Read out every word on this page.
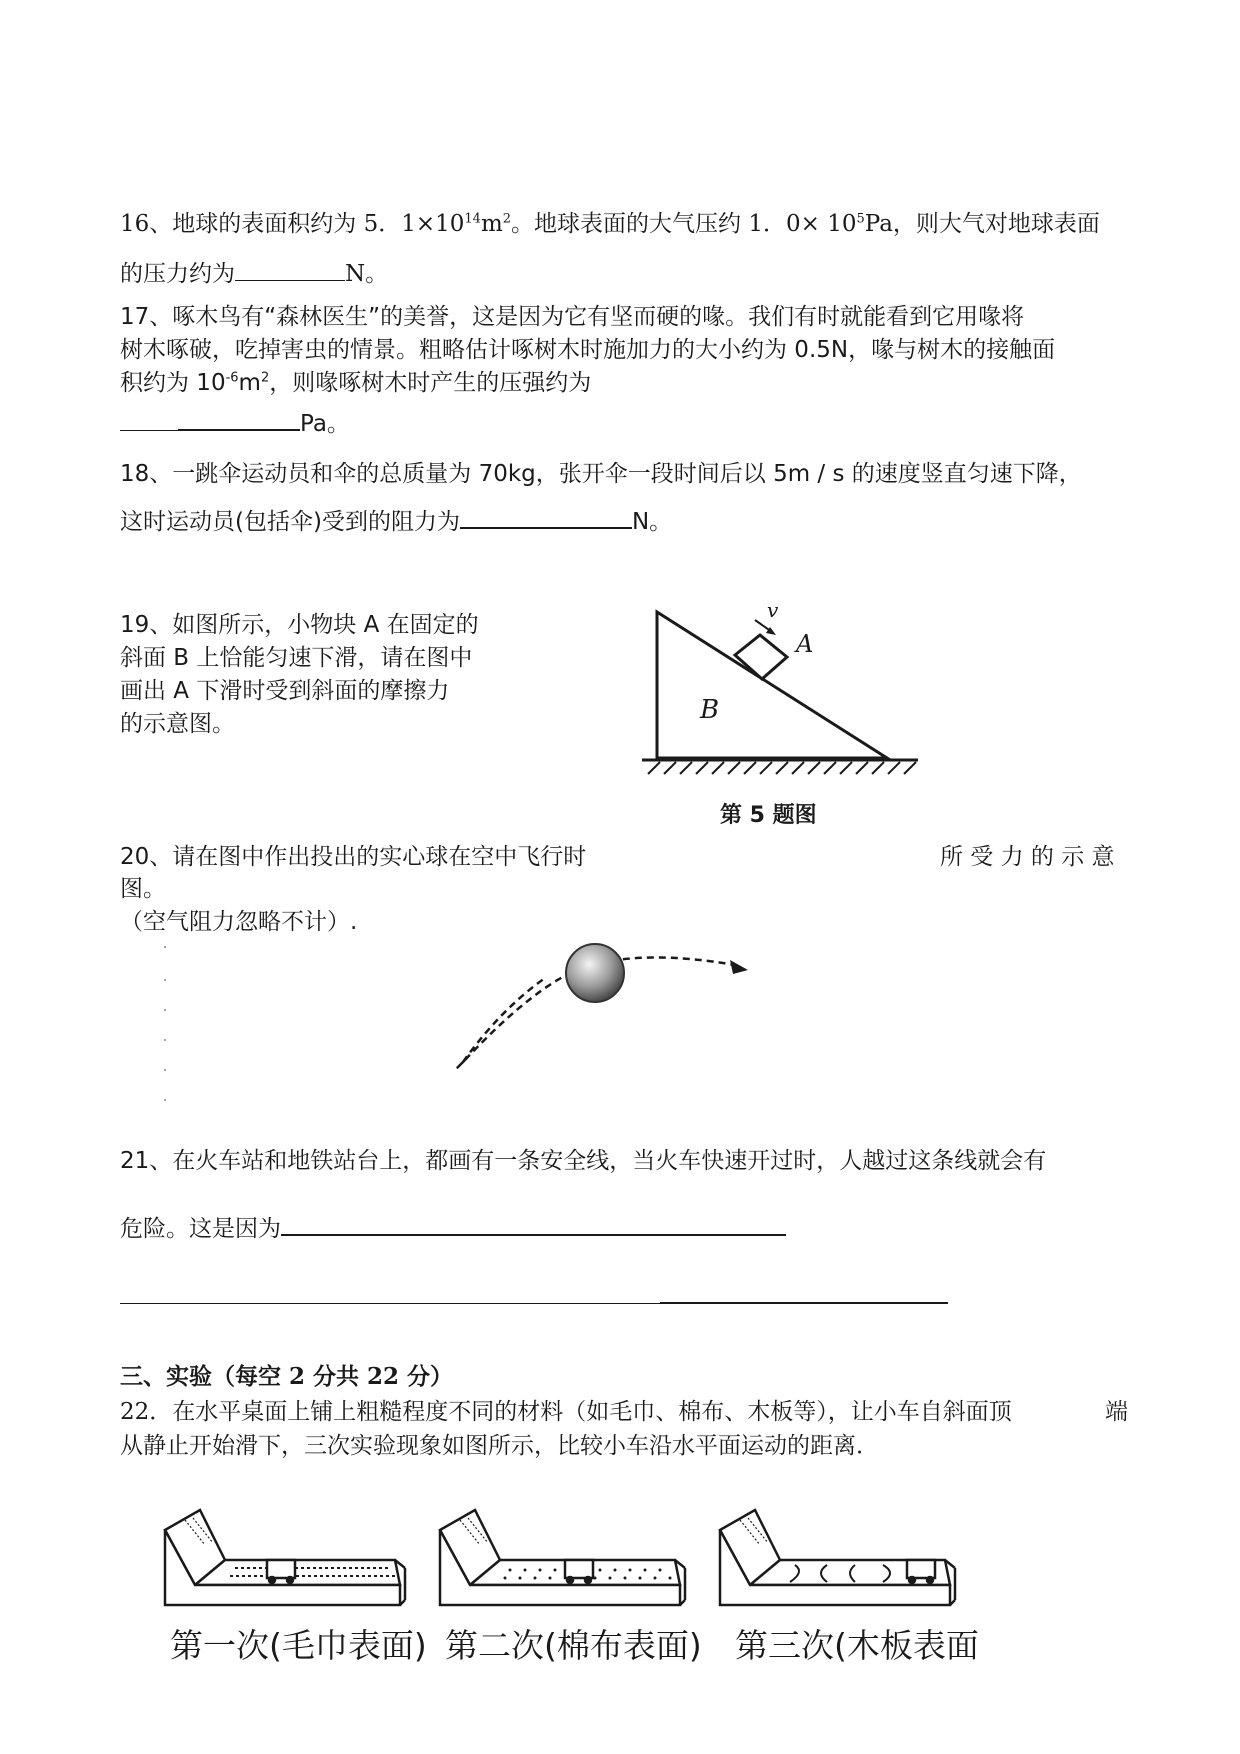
16、地球的表面积约为 5．$1\times 10^{14}m^2$。地球表面的大气压约 1．$0\times 10^5Pa$，则大气对地球表面
的压力约为	N。
17、啄木鸟有“森林医生”的美誉，这是因为它有坚而硬的喙。我们有时就能看到它用喙将
树木啄破，吃掉害虫的情景。粗略估计啄树木时施加力的大小约为 0.5N，喙与树木的接触面
积约为 $10^{-6}m^2$，则喙啄树木时产生的压强约为
Pa。
18、一跳伞运动员和伞的总质量为 70kg，张开伞一段时间后以 5m / s 的速度竖直匀速下降，
这时运动员(包括伞)受到的阻力为	N。
19、如图所示，小物块 A 在固定的
斜面 B 上恰能匀速下滑，请在图中
画出 A 下滑时受到斜面的摩擦力
的示意图。
v
A
B
第 5 题图
20、请在图中作出投出的实心球在空中飞行时	所 受 力 的 示 意
图。
（空气阻力忽略不计）.
21、在火车站和地铁站台上，都画有一条安全线，当火车快速开过时，人越过这条线就会有
危险。这是因为
三、实验（每空 2 分共 22 分）
22．在水平桌面上铺上粗糙程度不同的材料（如毛巾、棉布、木板等），让小车自斜面顶	端
从静止开始滑下，三次实验现象如图所示，比较小车沿水平面运动的距离．
第一次(毛巾表面) 第二次(棉布表面) 第三次(木板表面
